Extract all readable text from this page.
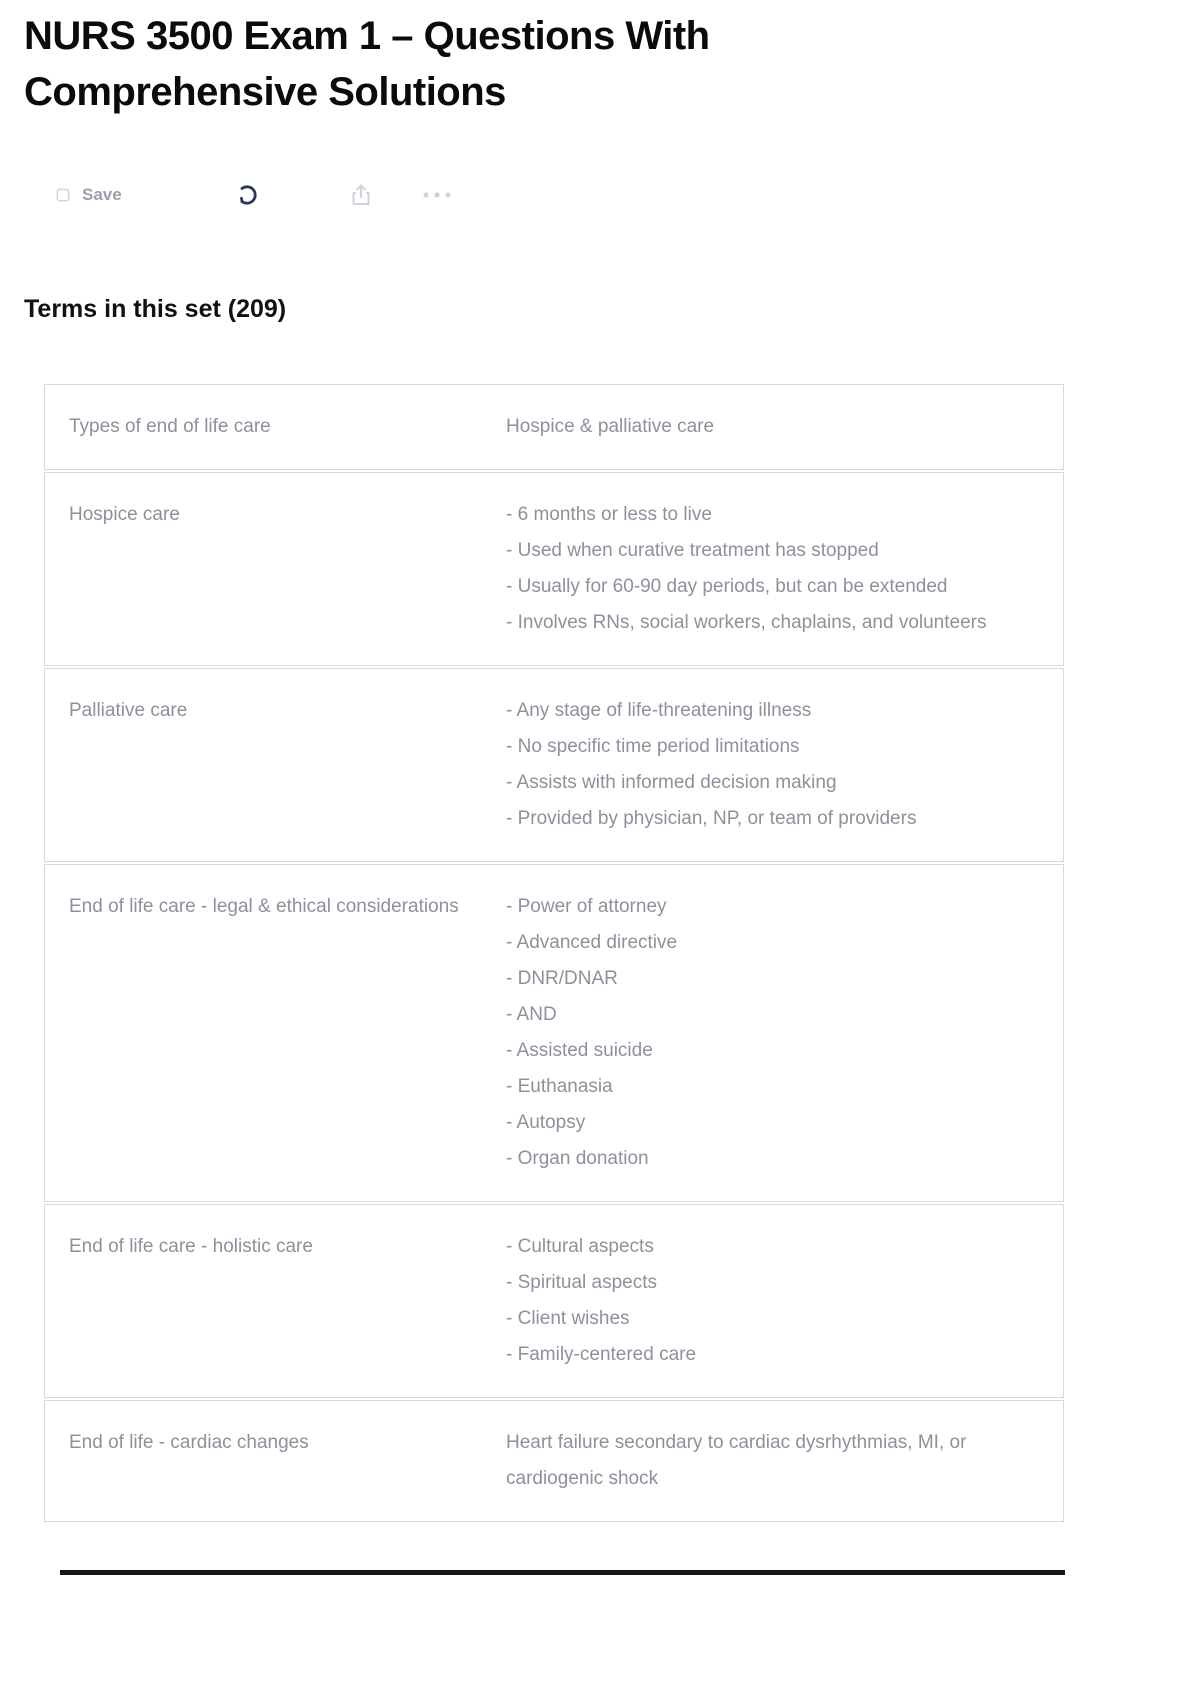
NURS 3500 Exam 1 – Questions With Comprehensive Solutions
Save
Terms in this set (209)
Types of end of life care	Hospice & palliative care
Hospice care	- 6 months or less to live
- Used when curative treatment has stopped
- Usually for 60-90 day periods, but can be extended
- Involves RNs, social workers, chaplains, and volunteers
Palliative care	- Any stage of life-threatening illness
- No specific time period limitations
- Assists with informed decision making
- Provided by physician, NP, or team of providers
End of life care - legal & ethical considerations	- Power of attorney
- Advanced directive
- DNR/DNAR
- AND
- Assisted suicide
- Euthanasia
- Autopsy
- Organ donation
End of life care - holistic care	- Cultural aspects
- Spiritual aspects
- Client wishes
- Family-centered care
End of life - cardiac changes	Heart failure secondary to cardiac dysrhythmias, MI, or cardiogenic shock
